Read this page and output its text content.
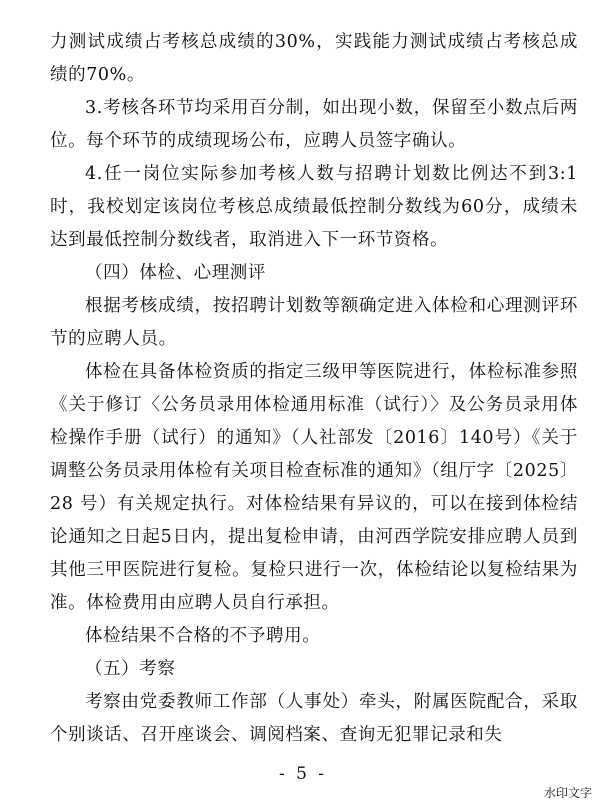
力测试成绩占考核总成绩的30%，实践能力测试成绩占考核总成绩的70%。

3.考核各环节均采用百分制，如出现小数，保留至小数点后两位。每个环节的成绩现场公布，应聘人员签字确认。

4.任一岗位实际参加考核人数与招聘计划数比例达不到3:1时，我校划定该岗位考核总成绩最低控制分数线为60分，成绩未达到最低控制分数线者，取消进入下一环节资格。

（四）体检、心理测评

根据考核成绩，按招聘计划数等额确定进入体检和心理测评环节的应聘人员。

体检在具备体检资质的指定三级甲等医院进行，体检标准参照《关于修订〈公务员录用体检通用标准（试行）〉及公务员录用体检操作手册（试行）的通知》（人社部发〔2016〕140号）《关于调整公务员录用体检有关项目检查标准的通知》（组厅字〔2025〕28 号）有关规定执行。对体检结果有异议的，可以在接到体检结论通知之日起5日内，提出复检申请，由河西学院安排应聘人员到其他三甲医院进行复检。复检只进行一次，体检结论以复检结果为准。体检费用由应聘人员自行承担。

体检结果不合格的不予聘用。

（五）考察

考察由党委教师工作部（人事处）牵头，附属医院配合，采取个别谈话、召开座谈会、调阅档案、查询无犯罪记录和失

- 5 -
水印文字
